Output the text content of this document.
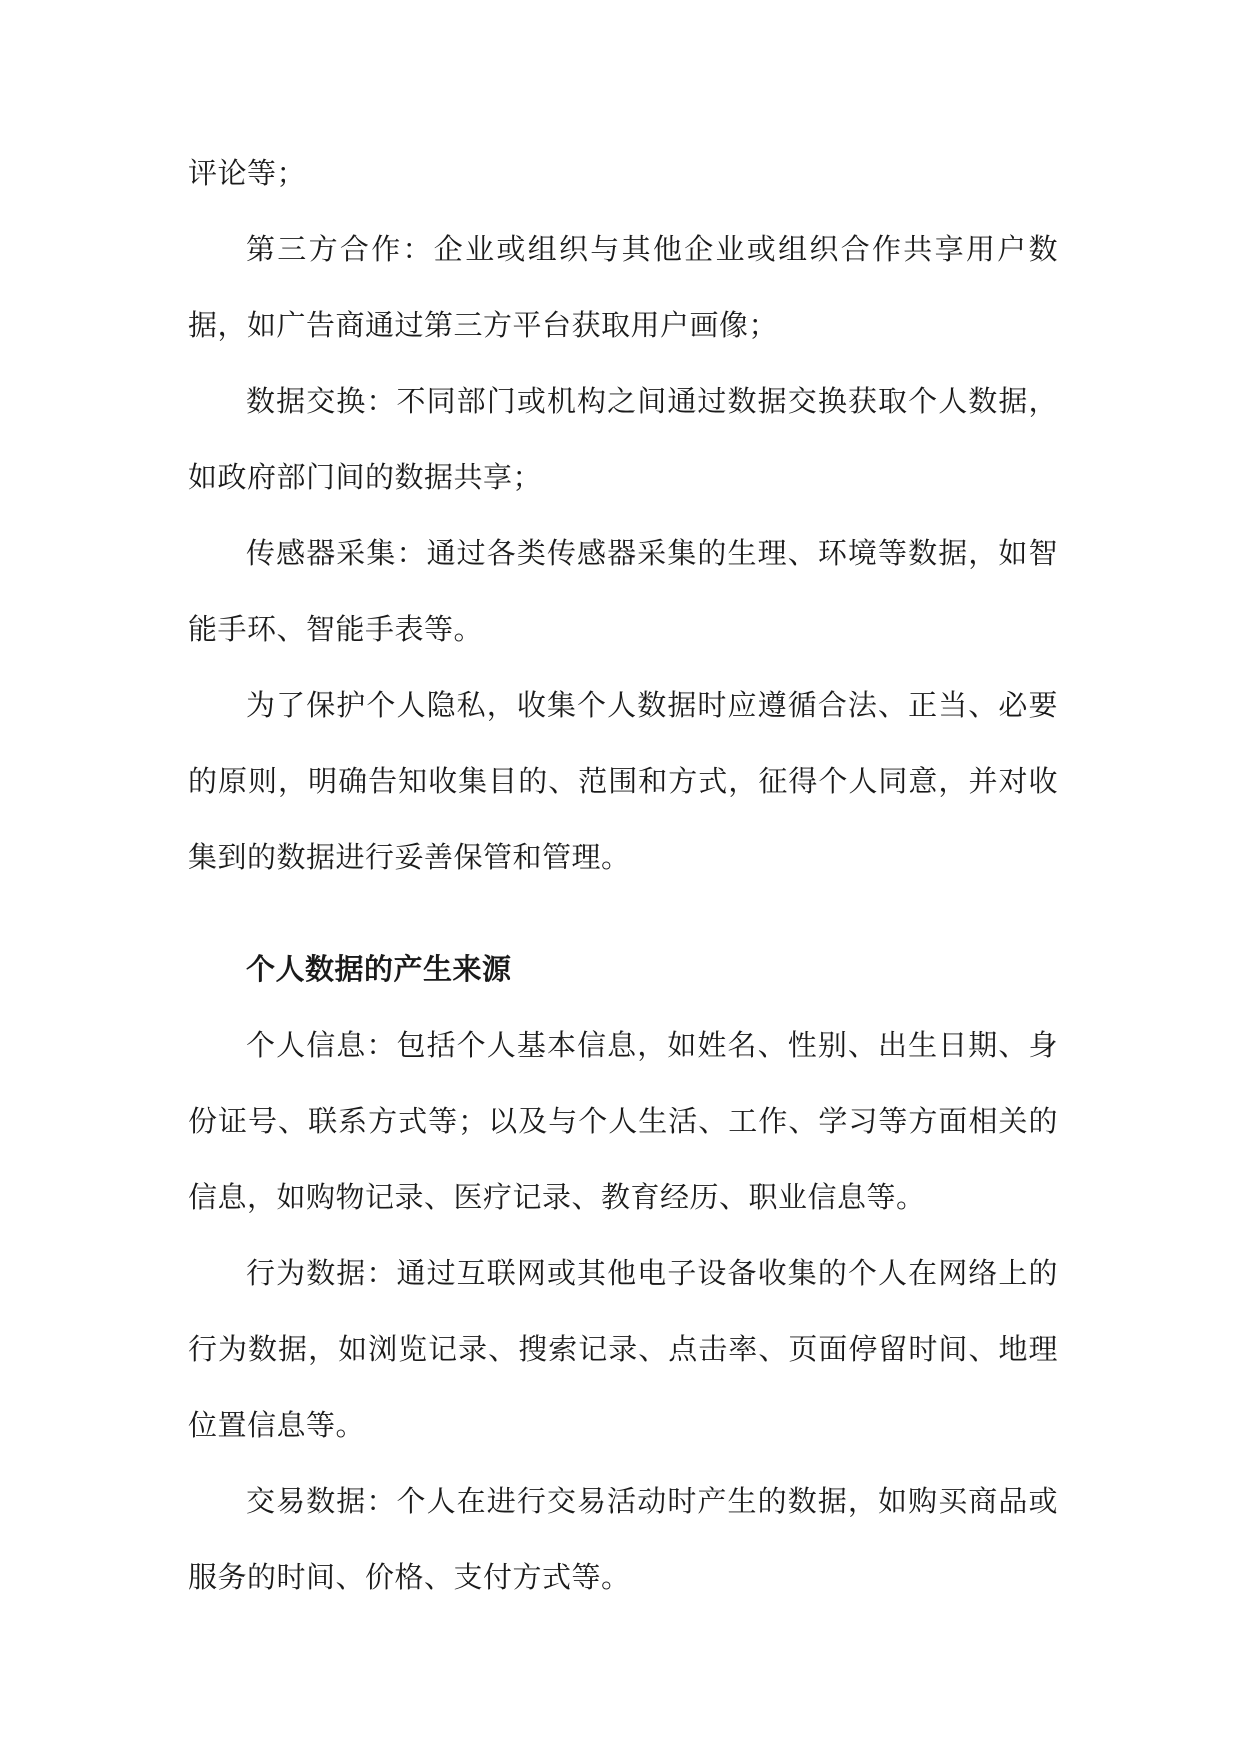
评论等；

第三方合作：企业或组织与其他企业或组织合作共享用户数据，如广告商通过第三方平台获取用户画像；

数据交换：不同部门或机构之间通过数据交换获取个人数据，如政府部门间的数据共享；

传感器采集：通过各类传感器采集的生理、环境等数据，如智能手环、智能手表等。

为了保护个人隐私，收集个人数据时应遵循合法、正当、必要的原则，明确告知收集目的、范围和方式，征得个人同意，并对收集到的数据进行妥善保管和管理。

个人数据的产生来源

个人信息：包括个人基本信息，如姓名、性别、出生日期、身份证号、联系方式等；以及与个人生活、工作、学习等方面相关的信息，如购物记录、医疗记录、教育经历、职业信息等。

行为数据：通过互联网或其他电子设备收集的个人在网络上的行为数据，如浏览记录、搜索记录、点击率、页面停留时间、地理位置信息等。

交易数据：个人在进行交易活动时产生的数据，如购买商品或服务的时间、价格、支付方式等。
